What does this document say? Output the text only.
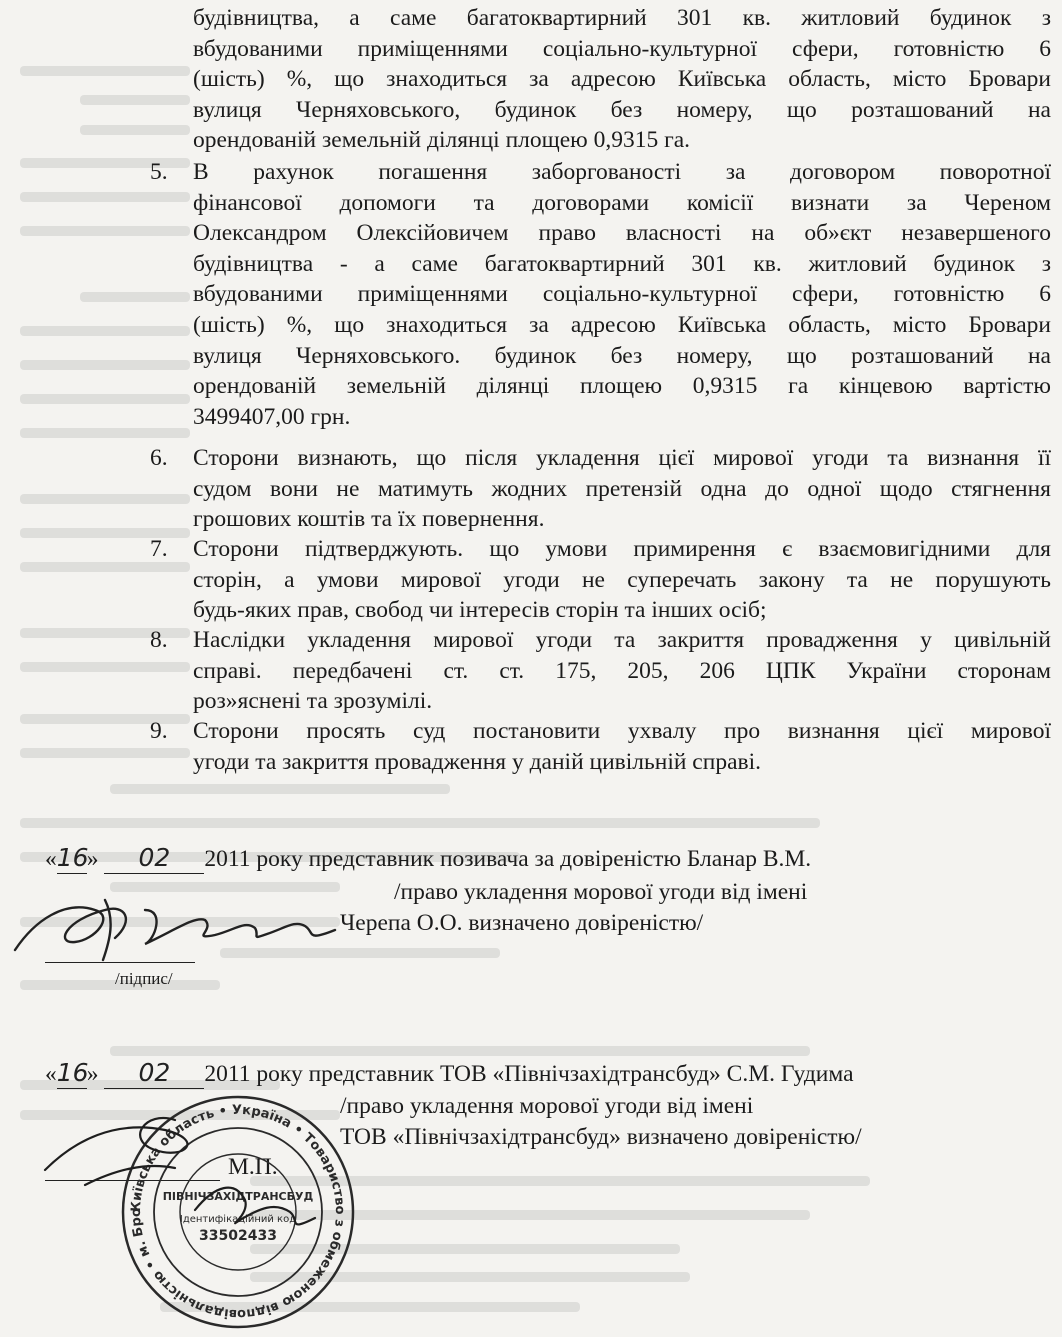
будівництва, а саме багатоквартирний 301 кв. житловий будинок з
вбудованими приміщеннями соціально-культурної сфери, готовністю 6
(шість) %, що знаходиться за адресою Київська область, місто Бровари
вулиця Черняховського, будинок без номеру, що розташований на
орендованій земельній ділянці площею 0,9315 га.
5. В рахунок погашення заборгованості за договором поворотної
фінансової допомоги та договорами комісії визнати за Череном
Олександром Олексійовичем право власності на об»єкт незавершеного
будівництва - а саме багатоквартирний 301 кв. житловий будинок з
вбудованими приміщеннями соціально-культурної сфери, готовністю 6
(шість) %, що знаходиться за адресою Київська область, місто Бровари
вулиця Черняховського. будинок без номеру, що розташований на
орендованій земельній ділянці площею 0,9315 га кінцевою вартістю
3499407,00 грн.
6. Сторони визнають, що після укладення цієї мирової угоди та визнання її
судом вони не матимуть жодних претензій одна до одної щодо стягнення
грошових коштів та їх повернення.
7. Сторони підтверджують. що умови примирення є взаємовигідними для
сторін, а умови мирової угоди не суперечать закону та не порушують
будь-яких прав, свобод чи інтересів сторін та інших осіб;
8. Наслідки укладення мирової угоди та закриття провадження у цивільній
справі. передбачені ст. ст. 175, 205, 206 ЦПК України сторонам
роз»яснені та зрозумілі.
9. Сторони просять суд постановити ухвалу про визнання цієї мирової
угоди та закриття провадження у даній цивільній справі.
«16» 02 2011 року представник позивача за довіреністю Бланар В.М.
/право укладення морової угоди від імені
Черепа О.О. визначено довіреністю/
/підпис/
«16» 02 2011 року представник ТОВ «Північзахідтрансбуд» С.М. Гудима
/право укладення морової угоди від імені
ТОВ «Північзахідтрансбуд» визначено довіреністю/
М.П.
Київська область • Україна • Товариство з обмеженою відповідальністю • м. Бро
ПІВНІЧЗАХІДТРАНСБУД
Ідентифікаційний код
33502433
